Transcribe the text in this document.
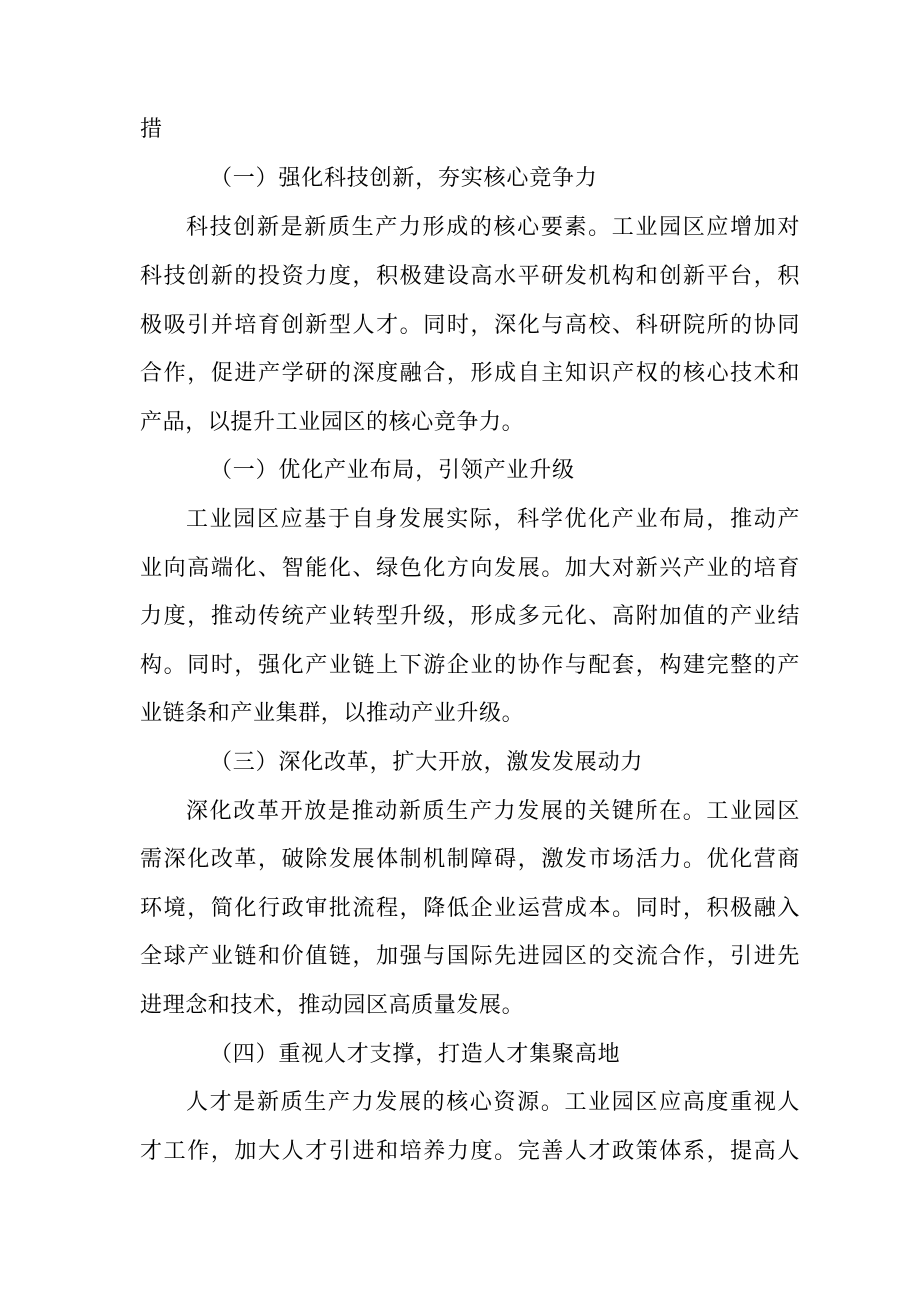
措
（一）强化科技创新，夯实核心竞争力
科技创新是新质生产力形成的核心要素。工业园区应增加对
科技创新的投资力度，积极建设高水平研发机构和创新平台，积
极吸引并培育创新型人才。同时，深化与高校、科研院所的协同
合作，促进产学研的深度融合，形成自主知识产权的核心技术和
产品，以提升工业园区的核心竞争力。
（一）优化产业布局，引领产业升级
工业园区应基于自身发展实际，科学优化产业布局，推动产
业向高端化、智能化、绿色化方向发展。加大对新兴产业的培育
力度，推动传统产业转型升级，形成多元化、高附加值的产业结
构。同时，强化产业链上下游企业的协作与配套，构建完整的产
业链条和产业集群，以推动产业升级。
（三）深化改革，扩大开放，激发发展动力
深化改革开放是推动新质生产力发展的关键所在。工业园区
需深化改革，破除发展体制机制障碍，激发市场活力。优化营商
环境，简化行政审批流程，降低企业运营成本。同时，积极融入
全球产业链和价值链，加强与国际先进园区的交流合作，引进先
进理念和技术，推动园区高质量发展。
（四）重视人才支撑，打造人才集聚高地
人才是新质生产力发展的核心资源。工业园区应高度重视人
才工作，加大人才引进和培养力度。完善人才政策体系，提高人
